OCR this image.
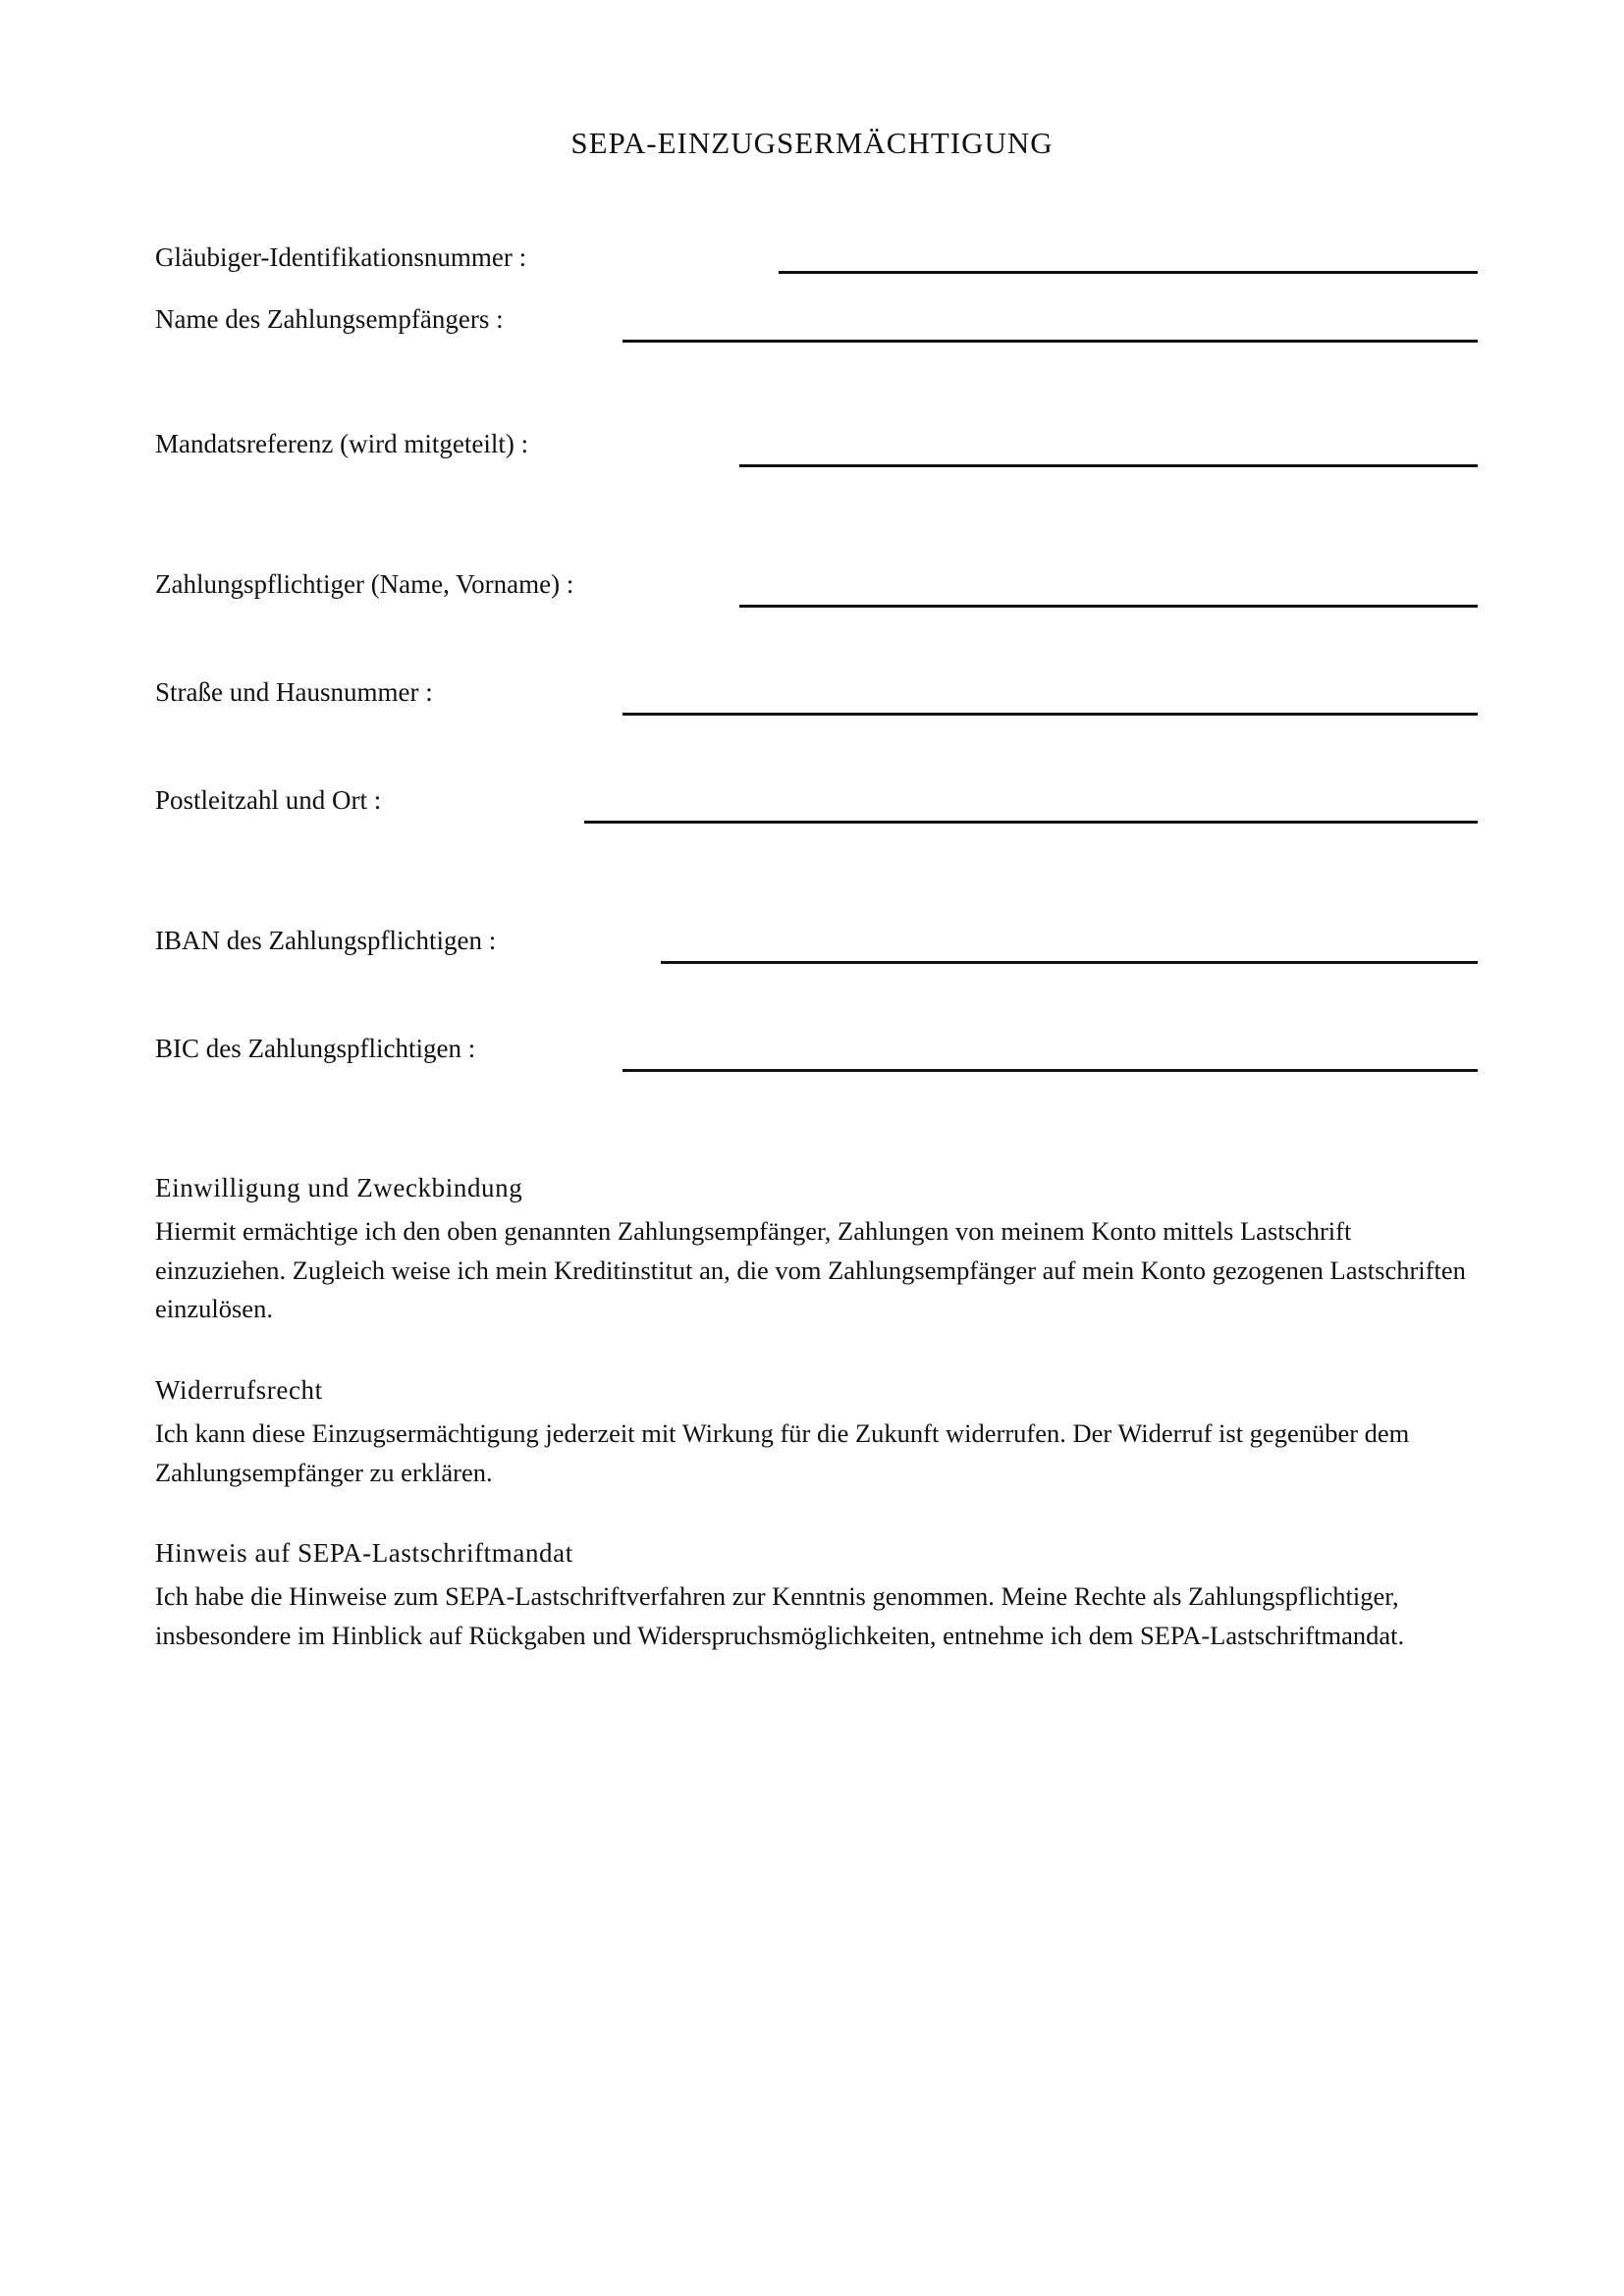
SEPA-EINZUGSERMÄCHTIGUNG
Gläubiger-Identifikationsnummer :
Name des Zahlungsempfängers :
Mandatsreferenz (wird mitgeteilt) :
Zahlungspflichtiger (Name, Vorname) :
Straße und Hausnummer :
Postleitzahl und Ort :
IBAN des Zahlungspflichtigen :
BIC des Zahlungspflichtigen :
Einwilligung und Zweckbindung

Hiermit ermächtige ich den oben genannten Zahlungsempfänger, Zahlungen von meinem Konto mittels Lastschrift einzuziehen. Zugleich weise ich mein Kreditinstitut an, die vom Zahlungsempfänger auf mein Konto gezogenen Lastschriften einzulösen.

Widerrufsrecht

Ich kann diese Einzugsermächtigung jederzeit mit Wirkung für die Zukunft widerrufen. Der Widerruf ist gegenüber dem Zahlungsempfänger zu erklären.

Hinweis auf SEPA-Lastschriftmandat

Ich habe die Hinweise zum SEPA-Lastschriftverfahren zur Kenntnis genommen. Meine Rechte als Zahlungspflichtiger, insbesondere im Hinblick auf Rückgaben und Widerspruchsmöglichkeiten, entnehme ich dem SEPA-Lastschriftmandat.
